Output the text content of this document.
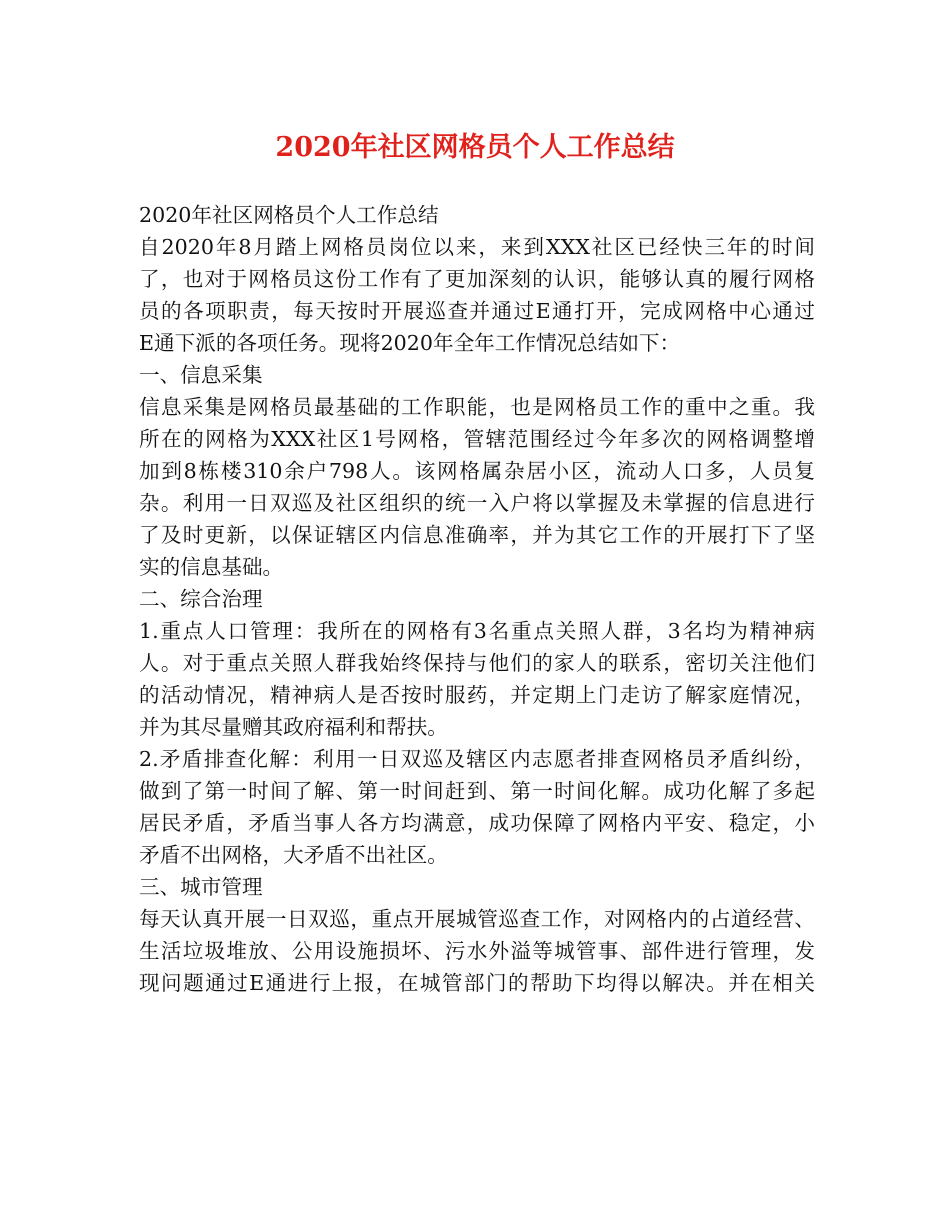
2020年社区网格员个人工作总结
2020年社区网格员个人工作总结
自2020年8月踏上网格员岗位以来，来到XXX社区已经快三年的时间
了，也对于网格员这份工作有了更加深刻的认识，能够认真的履行网格
员的各项职责，每天按时开展巡查并通过E通打开，完成网格中心通过
E通下派的各项任务。现将2020年全年工作情况总结如下：
一、信息采集
信息采集是网格员最基础的工作职能，也是网格员工作的重中之重。我
所在的网格为XXX社区1号网格，管辖范围经过今年多次的网格调整增
加到8栋楼310余户798人。该网格属杂居小区，流动人口多，人员复
杂。利用一日双巡及社区组织的统一入户将以掌握及未掌握的信息进行
了及时更新，以保证辖区内信息准确率，并为其它工作的开展打下了坚
实的信息基础。
二、综合治理
1.重点人口管理：我所在的网格有3名重点关照人群，3名均为精神病
人。对于重点关照人群我始终保持与他们的家人的联系，密切关注他们
的活动情况，精神病人是否按时服药，并定期上门走访了解家庭情况，
并为其尽量赠其政府福利和帮扶。
2.矛盾排查化解：利用一日双巡及辖区内志愿者排查网格员矛盾纠纷，
做到了第一时间了解、第一时间赶到、第一时间化解。成功化解了多起
居民矛盾，矛盾当事人各方均满意，成功保障了网格内平安、稳定，小
矛盾不出网格，大矛盾不出社区。
三、城市管理
每天认真开展一日双巡，重点开展城管巡查工作，对网格内的占道经营、
生活垃圾堆放、公用设施损坏、污水外溢等城管事、部件进行管理，发
现问题通过E通进行上报，在城管部门的帮助下均得以解决。并在相关
